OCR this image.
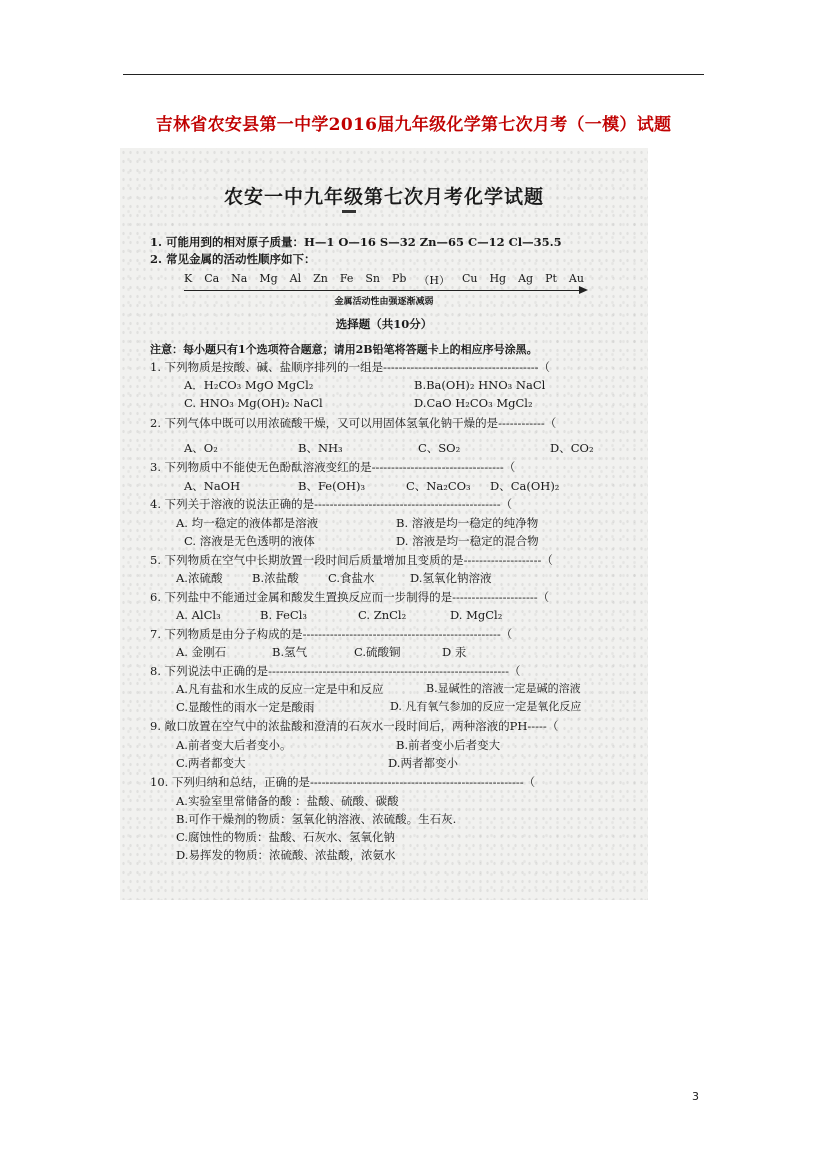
吉林省农安县第一中学2016届九年级化学第七次月考（一模）试题
农安一中九年级第七次月考化学试题
1. 可能用到的相对原子质量：H—1 O—16 S—32 Zn—65 C—12 Cl—35.5
2. 常见金属的活动性顺序如下：
K Ca Na Mg Al Zn Fe Sn Pb （H） Cu Hg Ag Pt Au
金属活动性由强逐渐减弱
选择题（共10分）
注意：每小题只有1个选项符合题意；请用2B铅笔将答题卡上的相应序号涂黑。
1. 下列物质是按酸、碱、盐顺序排列的一组是----------------------------------------（
A．H₂CO₃ MgO MgCl₂	B.Ba(OH)₂ HNO₃ NaCl
C. HNO₃ Mg(OH)₂ NaCl	D.CaO H₂CO₃ MgCl₂
2. 下列气体中既可以用浓硫酸干燥，又可以用固体氢氧化钠干燥的是------------（
A、O₂	B、NH₃	C、SO₂	D、CO₂
3. 下列物质中不能使无色酚酞溶液变红的是----------------------------------（
A、NaOH	B、Fe(OH)₃	C、Na₂CO₃ D、Ca(OH)₂
4. 下列关于溶液的说法正确的是------------------------------------------------（
A. 均一稳定的液体都是溶液	B. 溶液是均一稳定的纯净物
C. 溶液是无色透明的液体	D. 溶液是均一稳定的混合物
5. 下列物质在空气中长期放置一段时间后质量增加且变质的是--------------------（
A.浓硫酸	B.浓盐酸	C.食盐水	D.氢氧化钠溶液
6. 下列盐中不能通过金属和酸发生置换反应而一步制得的是----------------------（
A. AlCl₃	B. FeCl₃	C. ZnCl₂	D. MgCl₂
7. 下列物质是由分子构成的是---------------------------------------------------（
A. 金刚石	B.氢气	C.硫酸铜	D 汞
8. 下列说法中正确的是--------------------------------------------------------------（
A.凡有盐和水生成的反应一定是中和反应	B.显碱性的溶液一定是碱的溶液
C.显酸性的雨水一定是酸雨	D. 凡有氧气参加的反应一定是氧化反应
9. 敞口放置在空气中的浓盐酸和澄清的石灰水一段时间后，两种溶液的PH-----（
A.前者变大后者变小。	B.前者变小后者变大
C.两者都变大	D.两者都变小
10. 下列归纳和总结，正确的是-------------------------------------------------------（
A.实验室里常储备的酸 ：盐酸、硫酸、碳酸
B.可作干燥剂的物质：氢氧化钠溶液、浓硫酸。生石灰.
C.腐蚀性的物质：盐酸、石灰水、氢氧化钠
D.易挥发的物质：浓硫酸、浓盐酸，浓氨水
3
